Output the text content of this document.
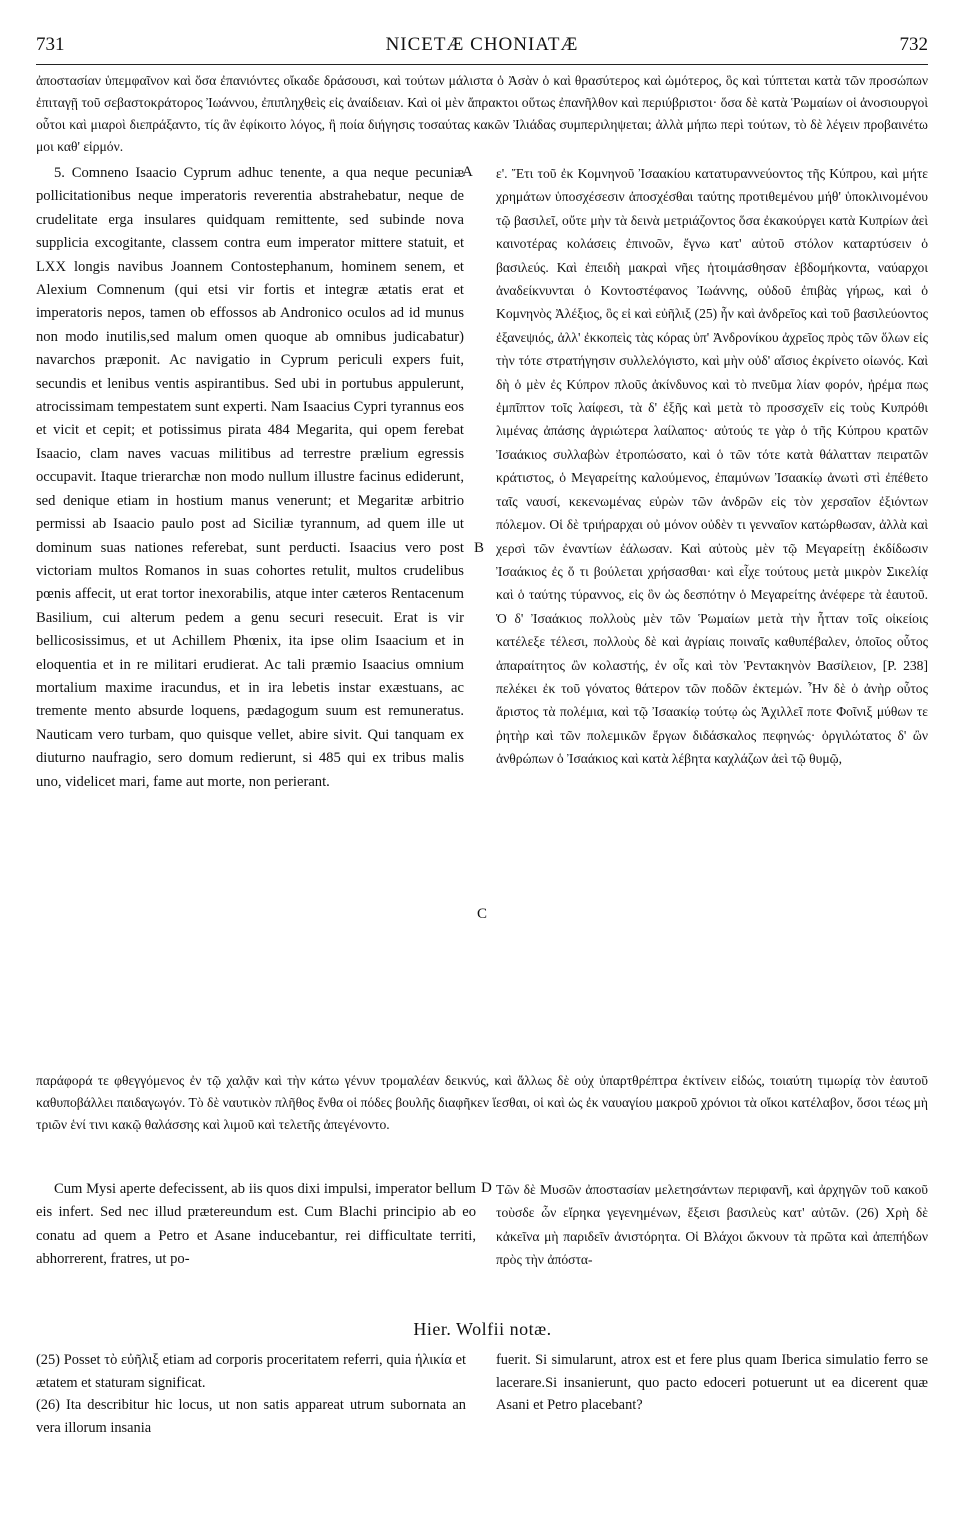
731	NICETÆ CHONIATÆ	732

ἀποστασίαν ὑπεμφαῖνον καὶ ὅσα ἐπανιόντες οἴκαδε δράσουσι, καὶ τούτων μάλιστα ὁ Ἀσὰν ὁ καὶ θρασύτερος καὶ ὠμότερος, ὃς καὶ τύπτεται κατὰ τῶν προσώπων ἐπιταγῇ τοῦ σεβαστοκράτορος Ἰωάννου, ἐπιπληχθεὶς εἰς ἀναίδειαν. Καὶ οἱ μὲν ἄπρακτοι οὕτως ἐπανῆλθον καὶ περιύβριστοι· ὅσα δὲ κατὰ Ῥωμαίων οἱ ἀνοσιουργοὶ οὗτοι καὶ μιαροὶ διεπράξαντο, τίς ἂν ἐφίκοιτο λόγος, ἢ ποία διήγησις τοσαύτας κακῶν Ἰλιάδας συμπεριληψεται; ἀλλὰ μήπω περὶ τούτων, τὸ δὲ λέγειν προβαινέτω μοι καθ' εἱρμόν.

5. Comneno Isaacio Cyprum adhuc tenente, a qua neque pecuniæ pollicitationibus neque imperatoris reverentia abstrahebatur, neque de crudelitate erga insulares quidquam remittente, sed subinde nova supplicia excogitante, classem contra eum imperator mittere statuit, et LXX longis navibus Joannem Contostephanum, hominem senem, et Alexium Comnenum (qui etsi vir fortis et integræ ætatis erat et imperatoris nepos, tamen ob effossos ab Andronico oculos ad id munus non modo inutilis,sed malum omen quoque ab omnibus judicabatur) navarchos præponit. Ac navigatio in Cyprum periculi expers fuit, secundis et lenibus ventis aspirantibus. Sed ubi in portubus appulerunt, atrocissimam tempestatem sunt experti. Nam Isaacius Cypri tyrannus eos et vicit et cepit; et potissimus pirata 484 Megarita, qui opem ferebat Isaacio, clam naves vacuas militibus ad terrestre prælium egressis occupavit. Itaque trierarchæ non modo nullum illustre facinus ediderunt, sed denique etiam in hostium manus venerunt; et Megaritæ arbitrio permissi ab Isaacio paulo post ad Siciliæ tyrannum, ad quem ille ut dominum suas nationes referebat, sunt perducti. Isaacius vero post victoriam multos Romanos in suas cohortes retulit, multos crudelibus pœnis affecit, ut erat tortor inexorabilis, atque inter cæteros Rentacenum Basilium, cui alterum pedem a genu securi resecuit. Erat is vir bellicosissimus, et ut Achillem Phœnix, ita ipse olim Isaacium et in eloquentia et in re militari erudierat. Ac tali præmio Isaacius omnium mortalium maxime iracundus, et in ira lebetis instar exæstuans, ac tremente mento absurde loquens, pædagogum suum est remuneratus. Nauticam vero turbam, quo quisque vellet, abire sivit. Qui tanquam ex diuturno naufragio, sero domum redierunt, si 485 qui ex tribus malis uno, videlicet mari, fame aut morte, non perierant.

A
B
C

ε'. Ἔτι τοῦ ἐκ Κομνηνοῦ Ἰσαακίου κατατυραννεύοντος τῆς Κύπρου, καὶ μήτε χρημάτων ὑποσχέσεσιν ἀποσχέσθαι ταύτης προτιθεμένου μήθ' ὑποκλινομένου τῷ βασιλεῖ, οὔτε μὴν τὰ δεινὰ μετριάζοντος ὅσα ἐκακούργει κατὰ Κυπρίων ἀεὶ καινοτέρας κολάσεις ἐπινοῶν, ἔγνω κατ' αὐτοῦ στόλον καταρτύσειν ὁ βασιλεύς. Καὶ ἐπειδὴ μακραὶ νῆες ἡτοιμάσθησαν ἑβδομήκοντα, ναύαρχοι ἀναδείκνυνται ὁ Κοντοστέφανος Ἰωάννης, οὐδοῦ ἐπιβὰς γήρως, καὶ ὁ Κομνηνὸς Ἀλέξιος, ὃς εἰ καὶ εὐῆλιξ (25) ἦν καὶ ἀνδρεῖος καὶ τοῦ βασιλεύοντος ἐξανεψιός, ἀλλ' ἐκκοπεὶς τὰς κόρας ὑπ' Ἀνδρονίκου ἀχρεῖος πρὸς τῶν ὅλων εἰς τὴν τότε στρατήγησιν συλλελόγιστο, καὶ μὴν οὐδ' αἴσιος ἐκρίνετο οἰωνός. Καὶ δὴ ὁ μὲν ἐς Κύπρον πλοῦς ἀκίνδυνος καὶ τὸ πνεῦμα λίαν φορόν, ἠρέμα πως ἐμπῖπτον τοῖς λαίφεσι, τὰ δ' ἐξῆς καὶ μετὰ τὸ προσσχεῖν εἰς τοὺς Κυπρόθι λιμένας ἀπάσης ἀγριώτερα λαίλαπος· αὐτούς τε γὰρ ὁ τῆς Κύπρου κρατῶν Ἰσαάκιος συλλαβὼν ἐτροπώσατο, καὶ ὁ τῶν τότε κατὰ θάλατταν πειρατῶν κράτιστος, ὁ Μεγαρείτης καλούμενος, ἐπαμύνων Ἰσαακίῳ ἀνωτὶ στὶ ἐπέθετο ταῖς ναυσί, κεκενωμένας εὑρὼν τῶν ἀνδρῶν εἰς τὸν χερσαῖον ἐξιόντων πόλεμον. Οἱ δὲ τριήραρχαι οὐ μόνον οὐδὲν τι γενναῖον κατώρθωσαν, ἀλλὰ καὶ χερσὶ τῶν ἐναντίων ἐάλωσαν. Καὶ αὐτοὺς μὲν τῷ Μεγαρείτῃ ἐκδίδωσιν Ἰσαάκιος ἐς ὅ τι βούλεται χρήσασθαι· καὶ εἶχε τούτους μετὰ μικρὸν Σικελίᾳ καὶ ὁ ταύτης τύραννος, εἰς ὃν ὡς δεσπότην ὁ Μεγαρείτης ἀνέφερε τὰ ἑαυτοῦ. Ὁ δ' Ἰσαάκιος πολλοὺς μὲν τῶν Ῥωμαίων μετὰ τὴν ἧτταν τοῖς οἰκείοις κατέλεξε τέλεσι, πολλοὺς δὲ καὶ ἀγρίαις ποιναῖς καθυπέβαλεν, ὁποῖος οὗτος ἀπαραίτητος ὢν κολαστής, ἐν οἷς καὶ τὸν Ῥεντακηνὸν Βασίλειον, [P. 238] πελέκει ἐκ τοῦ γόνατος θάτερον τῶν ποδῶν ἐκτεμών. Ἦν δὲ ὁ ἀνὴρ οὗτος ἄριστος τὰ πολέμια, καὶ τῷ Ἰσαακίῳ τούτῳ ὡς Ἀχιλλεῖ ποτε Φοῖνιξ μύθων τε ῥητὴρ καὶ τῶν πολεμικῶν ἔργων διδάσκαλος πεφηνώς· ὀργιλώτατος δ' ὢν ἀνθρώπων ὁ Ἰσαάκιος καὶ κατὰ λέβητα καχλάζων ἀεὶ τῷ θυμῷ,

παράφορά τε φθεγγόμενος ἐν τῷ χαλᾷν καὶ τὴν κάτω γένυν τρομαλέαν δεικνύς, καὶ ἄλλως δὲ οὐχ ὑπαρτθρέπτρα ἐκτίνειν εἰδώς, τοιαύτη τιμωρίᾳ τὸν ἑαυτοῦ καθυποβάλλει παιδαγωγόν. Τὸ δὲ ναυτικὸν πλῆθος ἔνθα οἱ πόδες βουλῆς διαφῆκεν ἵεσθαι, οἱ καὶ ὡς ἐκ ναυαγίου μακροῦ χρόνιοι τὰ οἴκοι κατέλαβον, ὅσοι τέως μὴ τριῶν ἑνί τινι κακῷ θαλάσσης καὶ λιμοῦ καὶ τελετῆς ἀπεγένοντο.

Cum Mysi aperte defecissent, ab iis quos dixi impulsi, imperator bellum eis infert. Sed nec illud prætereundum est. Cum Blachi principio ab eo conatu ad quem a Petro et Asane inducebantur, rei difficultate territi, abhorrerent, fratres, ut po-

D Τῶν δὲ Μυσῶν ἀποστασίαν μελετησάντων περιφανῆ, καὶ ἀρχηγῶν τοῦ κακοῦ τοὺσδε ὧν εἴρηκα γεγενημένων, ἔξεισι βασιλεὺς κατ' αὐτῶν. (26) Χρὴ δὲ κἀκεῖνα μὴ παριδεῖν ἀνιστόρητα. Οἱ Βλάχοι ὤκνουν τὰ πρῶτα καὶ ἀπεπήδων πρὸς τὴν ἀπόστα-

Hier. Wolfii notæ.

(25) Posset τὸ εὐῆλιξ etiam ad corporis proceritatem referri, quia ἡλικία et ætatem et staturam significat.

(26) Ita describitur hic locus, ut non satis appareat utrum subornata an vera illorum insania

fuerit. Si simularunt, atrox est et fere plus quam Iberica simulatio ferro se lacerare.Si insanierunt, quo pacto edoceri potuerunt ut ea dicerent quæ Asani et Petro placebant?
